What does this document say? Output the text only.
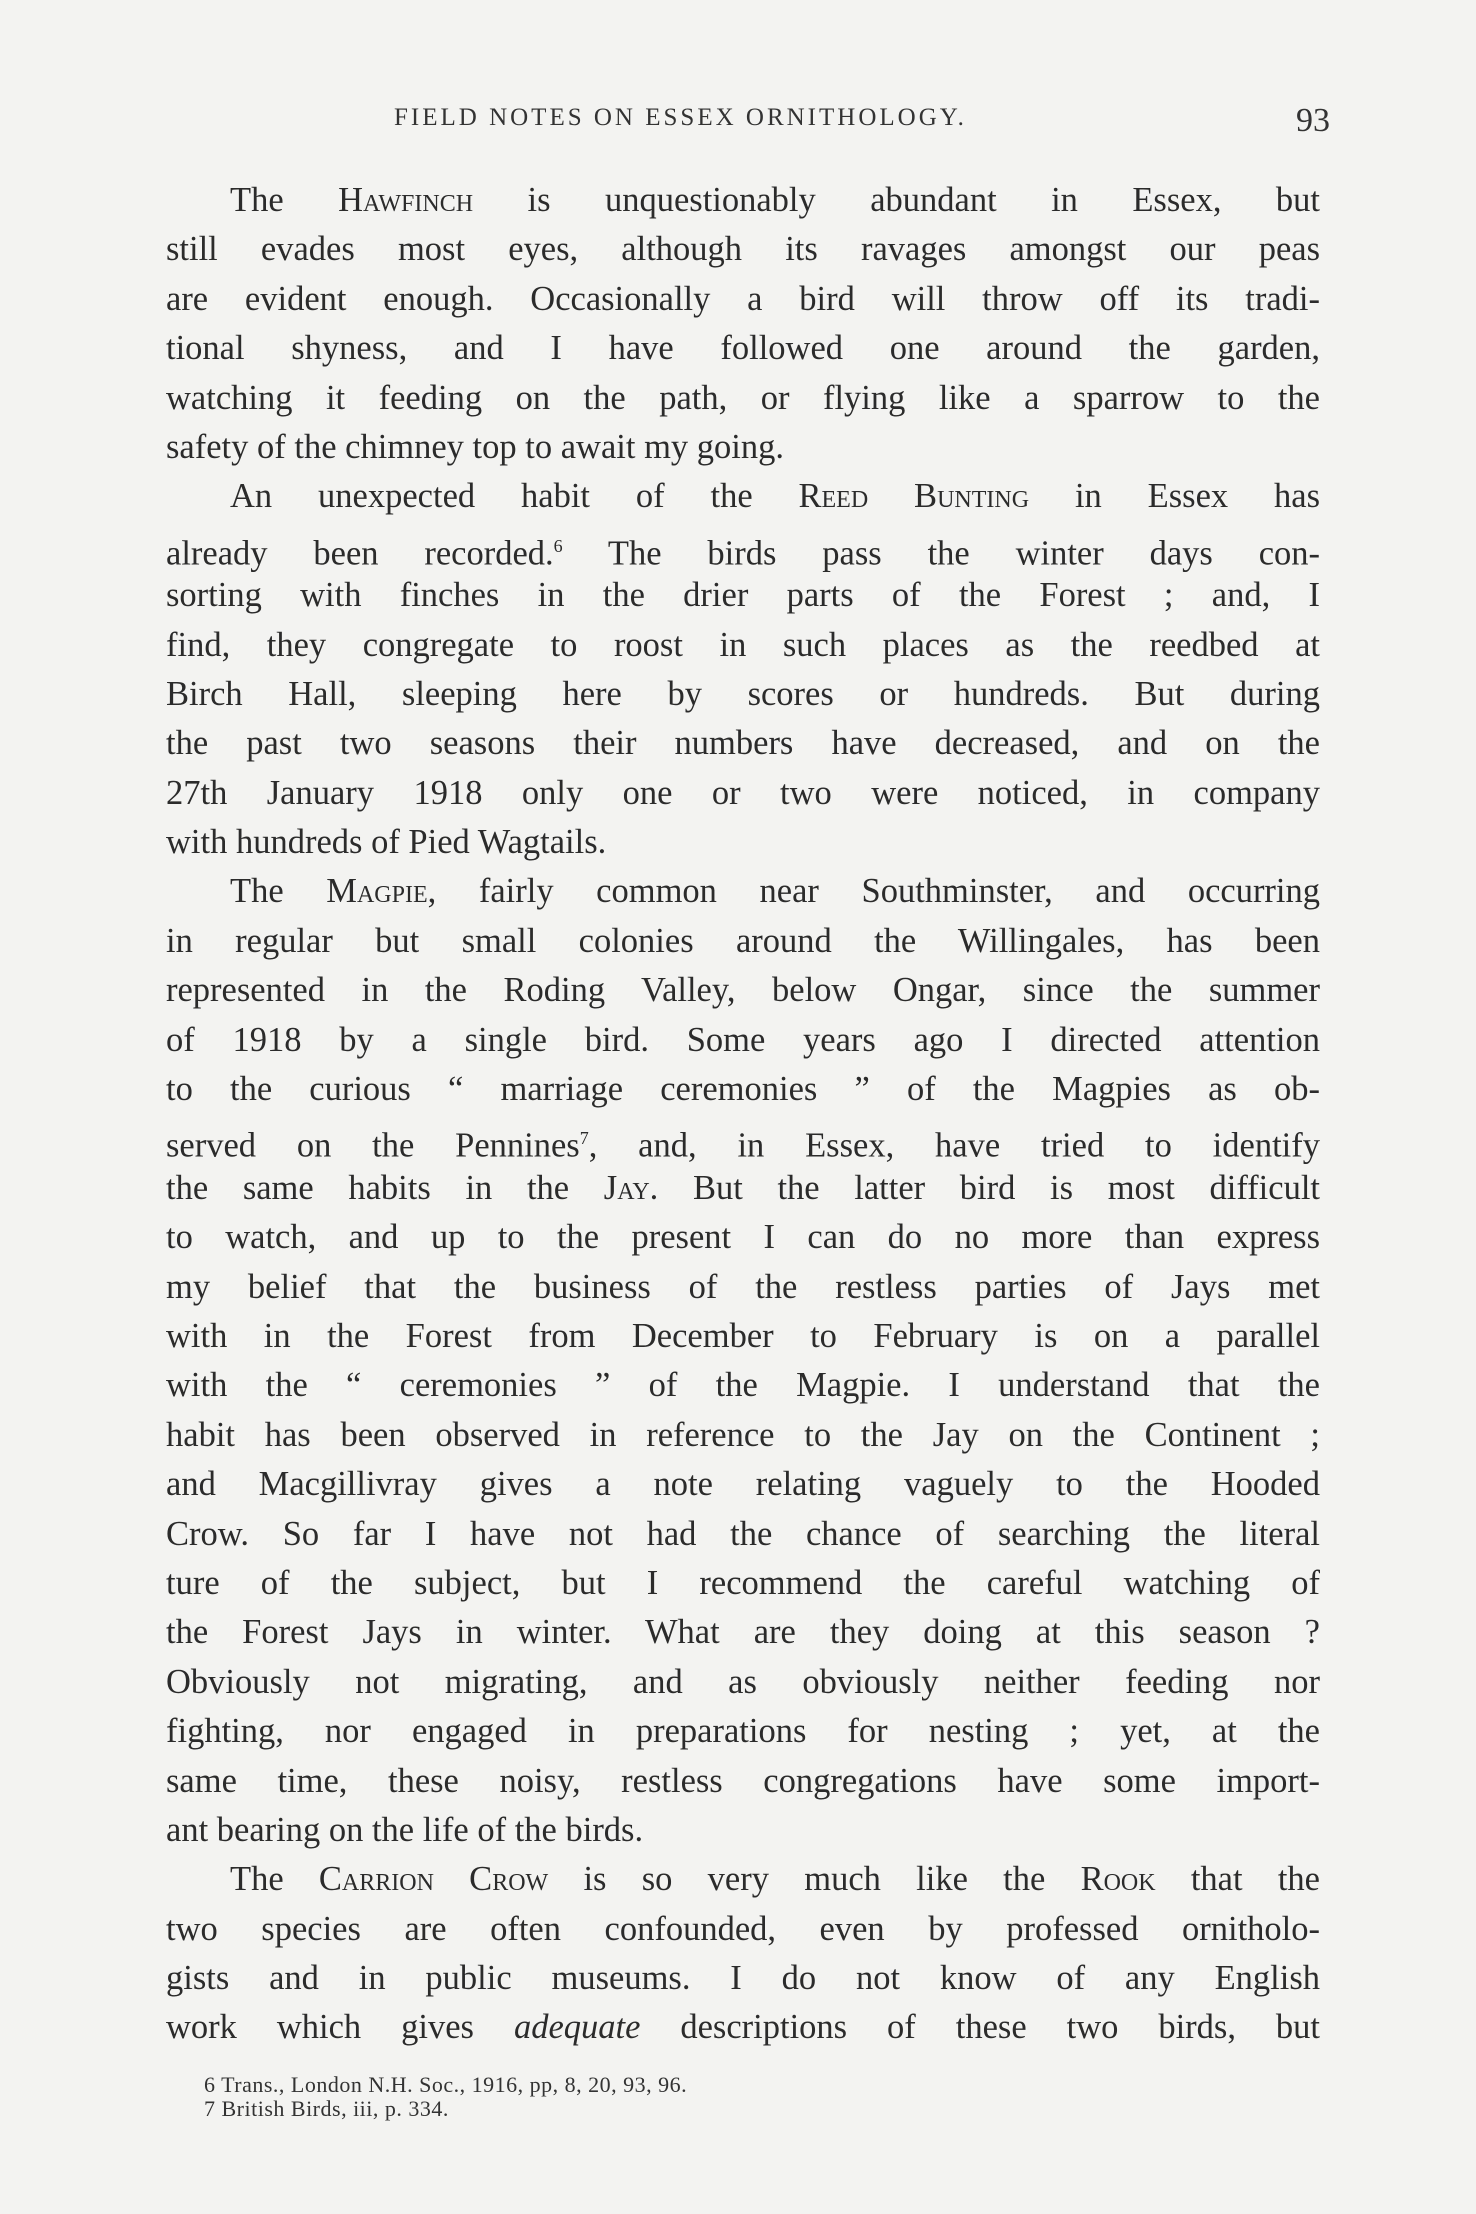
FIELD NOTES ON ESSEX ORNITHOLOGY.	93
The Hawfinch is unquestionably abundant in Essex, but
still evades most eyes, although its ravages amongst our peas
are evident enough. Occasionally a bird will throw off its tradi-
tional shyness, and I have followed one around the garden,
watching it feeding on the path, or flying like a sparrow to the
safety of the chimney top to await my going.
An unexpected habit of the Reed Bunting in Essex has
already been recorded.$^6$ The birds pass the winter days con-
sorting with finches in the drier parts of the Forest ; and, I
find, they congregate to roost in such places as the reedbed at
Birch Hall, sleeping here by scores or hundreds. But during
the past two seasons their numbers have decreased, and on the
27th January 1918 only one or two were noticed, in company
with hundreds of Pied Wagtails.
The Magpie, fairly common near Southminster, and occurring
in regular but small colonies around the Willingales, has been
represented in the Roding Valley, below Ongar, since the summer
of 1918 by a single bird. Some years ago I directed attention
to the curious “ marriage ceremonies ” of the Magpies as ob-
served on the Pennines$^7$, and, in Essex, have tried to identify
the same habits in the Jay. But the latter bird is most difficult
to watch, and up to the present I can do no more than express
my belief that the business of the restless parties of Jays met
with in the Forest from December to February is on a parallel
with the “ ceremonies ” of the Magpie. I understand that the
habit has been observed in reference to the Jay on the Continent ;
and Macgillivray gives a note relating vaguely to the Hooded
Crow. So far I have not had the chance of searching the literal
ture of the subject, but I recommend the careful watching of
the Forest Jays in winter. What are they doing at this season ?
Obviously not migrating, and as obviously neither feeding nor
fighting, nor engaged in preparations for nesting ; yet, at the
same time, these noisy, restless congregations have some import-
ant bearing on the life of the birds.
The Carrion Crow is so very much like the Rook that the
two species are often confounded, even by professed ornitholo-
gists and in public museums. I do not know of any English
work which gives adequate descriptions of these two birds, but
6 Trans., London N.H. Soc., 1916, pp, 8, 20, 93, 96.
7 British Birds, iii, p. 334.
